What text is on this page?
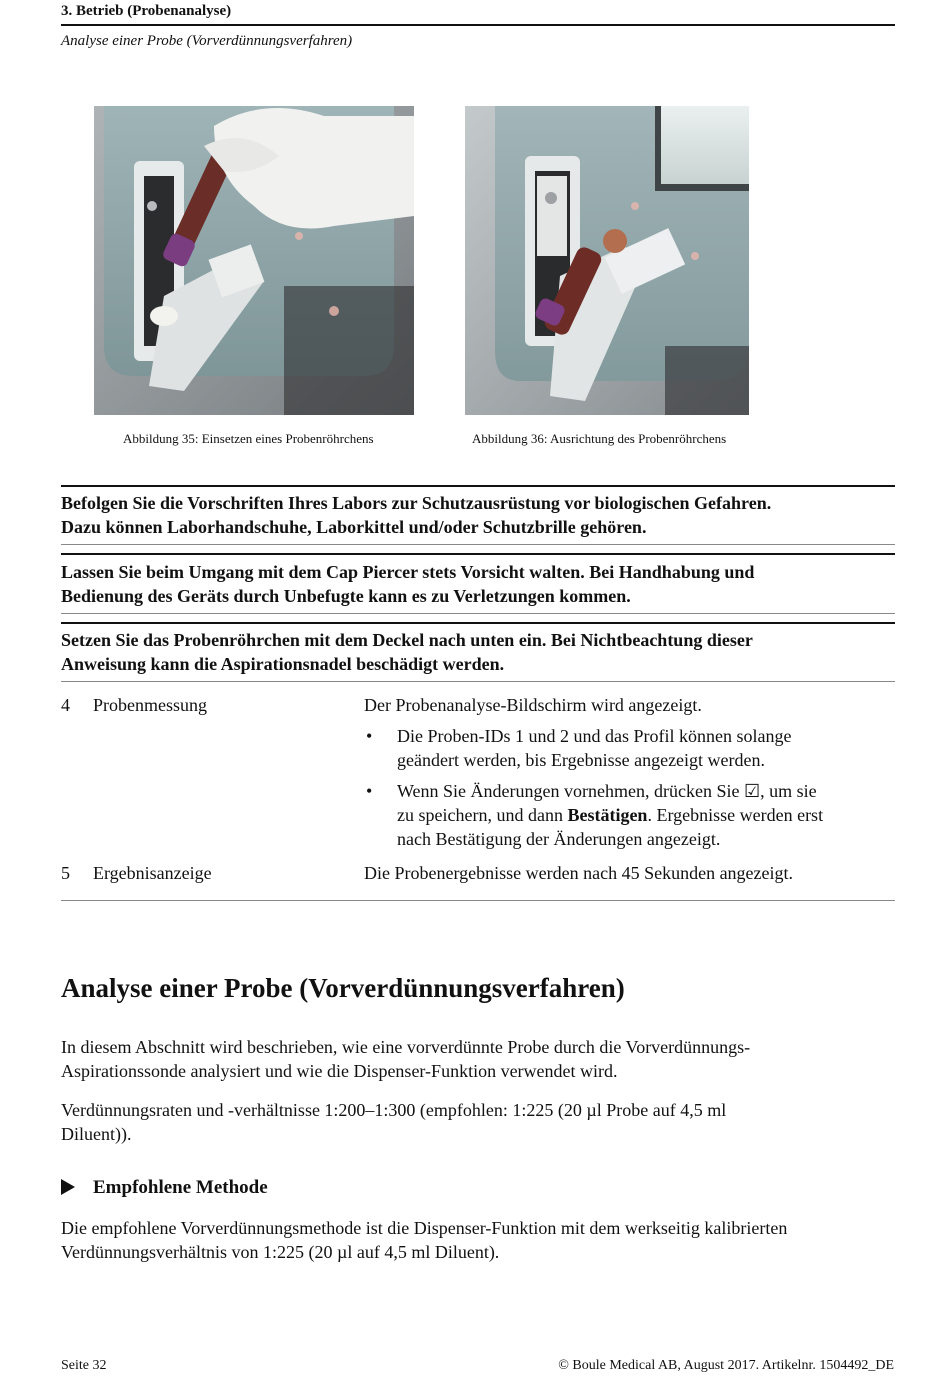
3. Betrieb (Probenanalyse)
Analyse einer Probe (Vorverdünnungsverfahren)
Abbildung 35: Einsetzen eines Probenröhrchens	Abbildung 36: Ausrichtung des Probenröhrchens
Befolgen Sie die Vorschriften Ihres Labors zur Schutzausrüstung vor biologischen Gefahren.
Dazu können Laborhandschuhe, Laborkittel und/oder Schutzbrille gehören.
Lassen Sie beim Umgang mit dem Cap Piercer stets Vorsicht walten. Bei Handhabung und
Bedienung des Geräts durch Unbefugte kann es zu Verletzungen kommen.
Setzen Sie das Probenröhrchen mit dem Deckel nach unten ein. Bei Nichtbeachtung dieser
Anweisung kann die Aspirationsnadel beschädigt werden.
4 Probenmessung	Der Probenanalyse-Bildschirm wird angezeigt.
• Die Proben-IDs 1 und 2 und das Profil können solange
geändert werden, bis Ergebnisse angezeigt werden.
• Wenn Sie Änderungen vornehmen, drücken Sie ☑, um sie
zu speichern, und dann Bestätigen. Ergebnisse werden erst
nach Bestätigung der Änderungen angezeigt.
5 Ergebnisanzeige	Die Probenergebnisse werden nach 45 Sekunden angezeigt.
Analyse einer Probe (Vorverdünnungsverfahren)
In diesem Abschnitt wird beschrieben, wie eine vorverdünnte Probe durch die Vorverdünnungs-
Aspirationssonde analysiert und wie die Dispenser-Funktion verwendet wird.
Verdünnungsraten und -verhältnisse 1:200–1:300 (empfohlen: 1:225 (20 µl Probe auf 4,5 ml
Diluent)).
Empfohlene Methode
Die empfohlene Vorverdünnungsmethode ist die Dispenser-Funktion mit dem werkseitig kalibrierten
Verdünnungsverhältnis von 1:225 (20 µl auf 4,5 ml Diluent).
Seite 32	© Boule Medical AB, August 2017. Artikelnr. 1504492_DE
